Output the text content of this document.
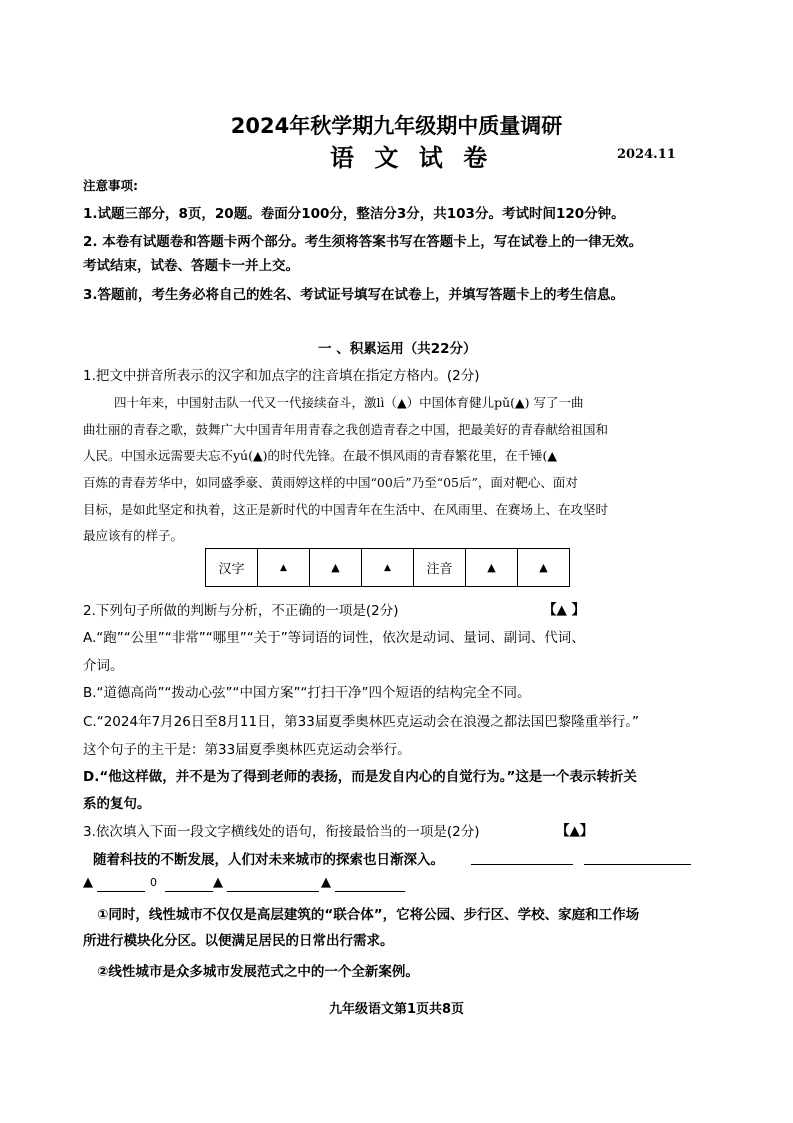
2024年秋学期九年级期中质量调研
语 文 试 卷	2024.11
注意事项:
1.试题三部分，8页，20题。卷面分100分，整洁分3分，共103分。考试时间120分钟。
2. 本卷有试题卷和答题卡两个部分。考生须将答案书写在答题卡上，写在试卷上的一律无效。
考试结束，试卷、答题卡一并上交。
3.答题前，考生务必将自己的姓名、考试证号填写在试卷上，并填写答题卡上的考生信息。
一 、积累运用（共22分）
1.把文中拼音所表示的汉字和加点字的注音填在指定方格内。(2分)
四十年来，中国射击队一代又一代接续奋斗，激lì（▲）中国体育健儿pǔ(▲) 写了一曲
曲壮丽的青春之歌，鼓舞广大中国青年用青春之我创造青春之中国，把最美好的青春献给祖国和
人民。中国永远需要夫忘不yú(▲)的时代先锋。在最不惧风雨的青春繁花里，在千锤(▲
百炼的青春芳华中，如同盛季豪、黄雨婷这样的中国“00后”乃至“05后”，面对靶心、面对
目标，是如此坚定和执着，这正是新时代的中国青年在生活中、在风雨里、在赛场上、在攻坚时
最应该有的样子。
汉字	▲	▲	▲	注音	▲	▲
2.下列句子所做的判断与分析，不正确的一项是(2分)	【▲ 】
A.“跑”“公里”“非常”“哪里”“关于”等词语的词性，依次是动词、量词、副词、代词、
介词。
B.“道德高尚”“拨动心弦”“中国方案”“打扫干净”四个短语的结构完全不同。
C.“2024年7月26日至8月11日，第33届夏季奥林匹克运动会在浪漫之都法国巴黎隆重举行。”
这个句子的主干是：第33届夏季奥林匹克运动会举行。
D.“他这样做，并不是为了得到老师的表扬，而是发自内心的自觉行为。”这是一个表示转折关
系的复句。
3.依次填入下面一段文字横线处的语句，衔接最恰当的一项是(2分)	【▲】
随着科技的不断发展，人们对未来城市的探索也日渐深入。
▲	0	▲	▲
①同时，线性城市不仅仅是高层建筑的“联合体”，它将公园、步行区、学校、家庭和工作场
所进行模块化分区。以便满足居民的日常出行需求。
②线性城市是众多城市发展范式之中的一个全新案例。
九年级语文第1页共8页
